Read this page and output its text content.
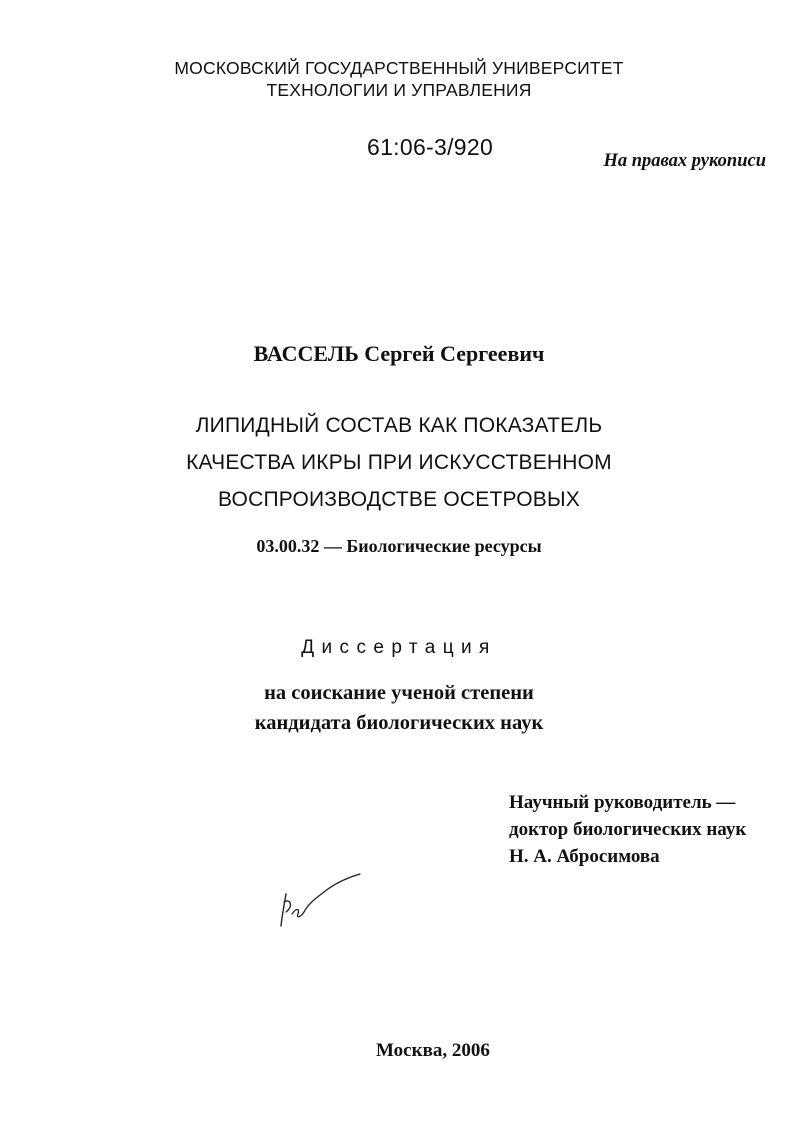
МОСКОВСКИЙ ГОСУДАРСТВЕННЫЙ УНИВЕРСИТЕТ
ТЕХНОЛОГИИ И УПРАВЛЕНИЯ
61:06-3/920
На правах рукописи
ВАССЕЛЬ Сергей Сергеевич
ЛИПИДНЫЙ СОСТАВ КАК ПОКАЗАТЕЛЬ
КАЧЕСТВА ИКРЫ ПРИ ИСКУССТВЕННОМ
ВОСПРОИЗВОДСТВЕ ОСЕТРОВЫХ
03.00.32 — Биологические ресурсы
Диссертация
на соискание ученой степени
кандидата биологических наук
Научный руководитель —
доктор биологических наук
Н. А. Абросимова
Москва, 2006
